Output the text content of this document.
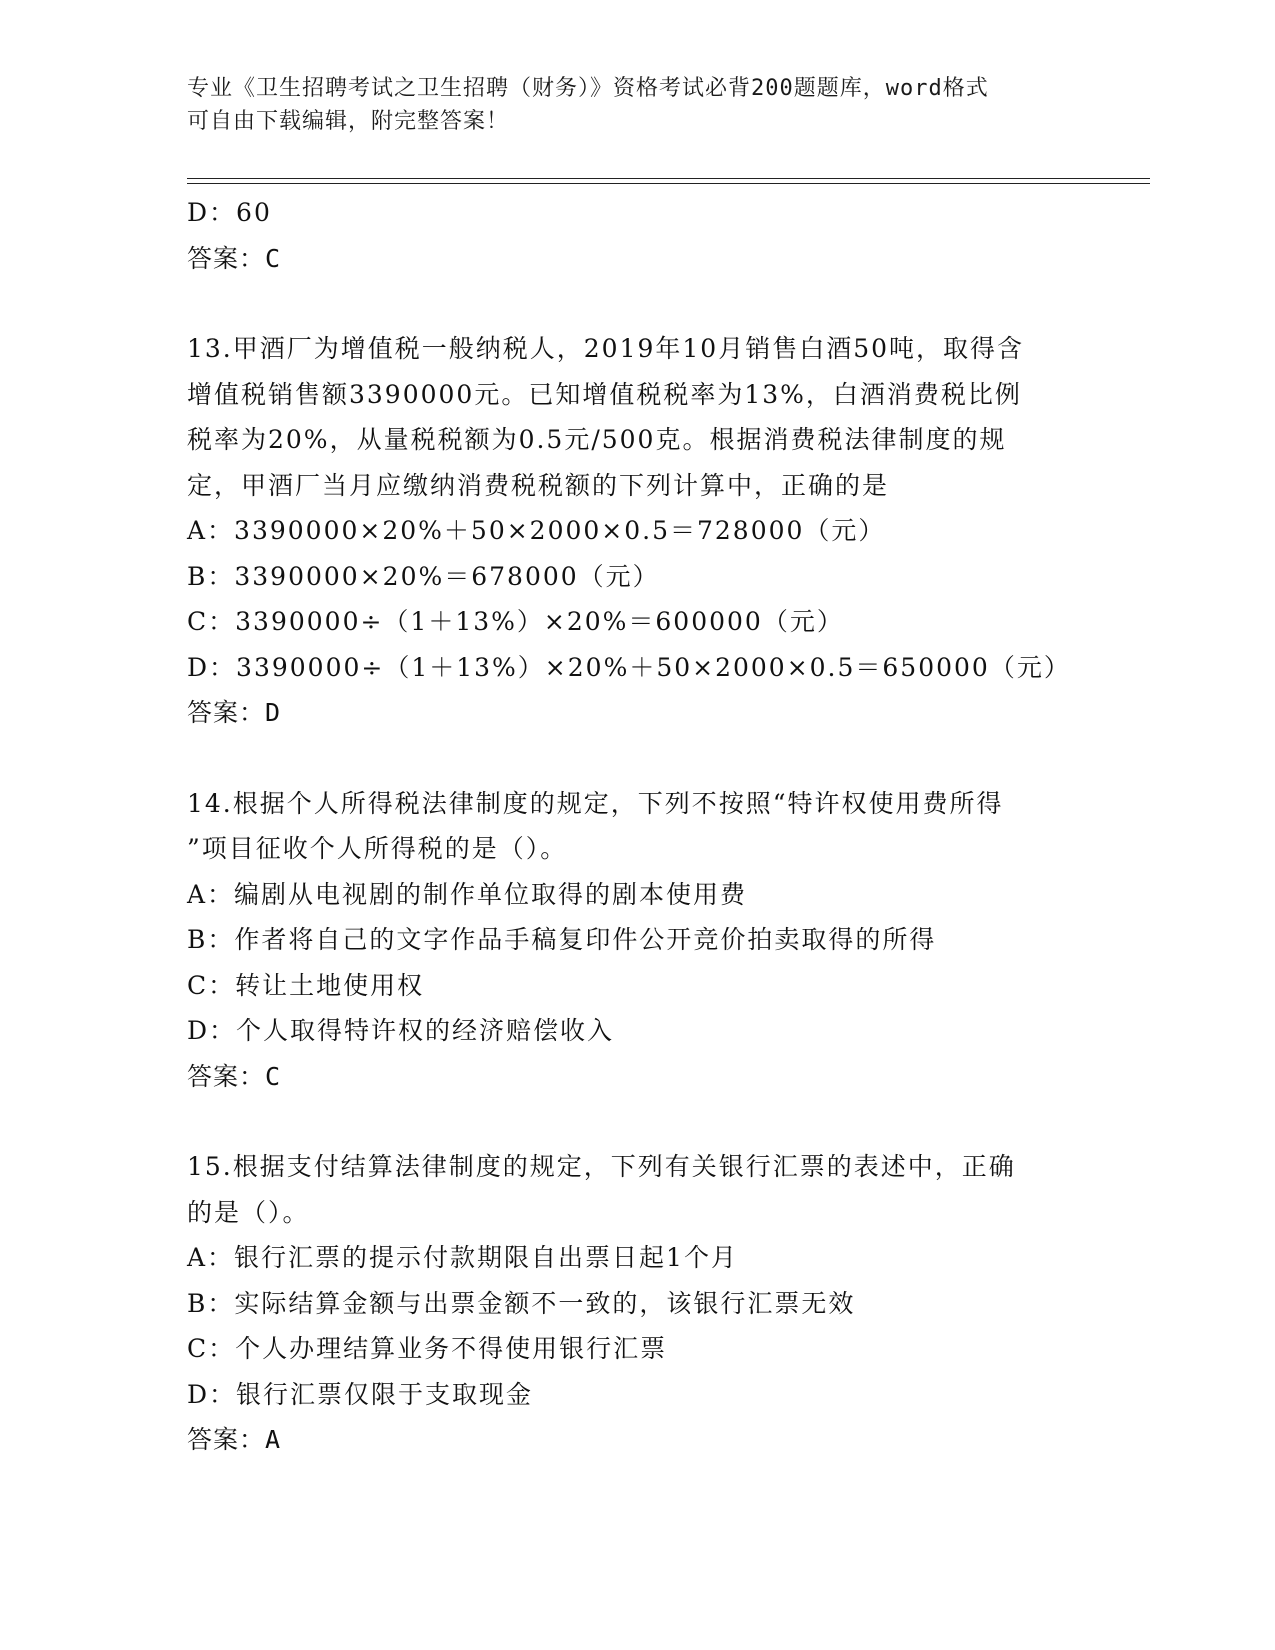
专业《卫生招聘考试之卫生招聘（财务）》资格考试必背200题题库，word格式
可自由下载编辑，附完整答案！
D：60
答案：C
13.甲酒厂为增值税一般纳税人，2019年10月销售白酒50吨，取得含
增值税销售额3390000元。已知增值税税率为13%，白酒消费税比例
税率为20%，从量税税额为0.5元/500克。根据消费税法律制度的规
定，甲酒厂当月应缴纳消费税税额的下列计算中，正确的是
A：3390000×20%＋50×2000×0.5＝728000（元）
B：3390000×20%＝678000（元）
C：3390000÷（1＋13%）×20%＝600000（元）
D：3390000÷（1＋13%）×20%＋50×2000×0.5＝650000（元）
答案：D
14.根据个人所得税法律制度的规定，下列不按照“特许权使用费所得
”项目征收个人所得税的是（）。
A：编剧从电视剧的制作单位取得的剧本使用费
B：作者将自己的文字作品手稿复印件公开竞价拍卖取得的所得
C：转让土地使用权
D：个人取得特许权的经济赔偿收入
答案：C
15.根据支付结算法律制度的规定，下列有关银行汇票的表述中，正确
的是（）。
A：银行汇票的提示付款期限自出票日起1个月
B：实际结算金额与出票金额不一致的，该银行汇票无效
C：个人办理结算业务不得使用银行汇票
D：银行汇票仅限于支取现金
答案：A
